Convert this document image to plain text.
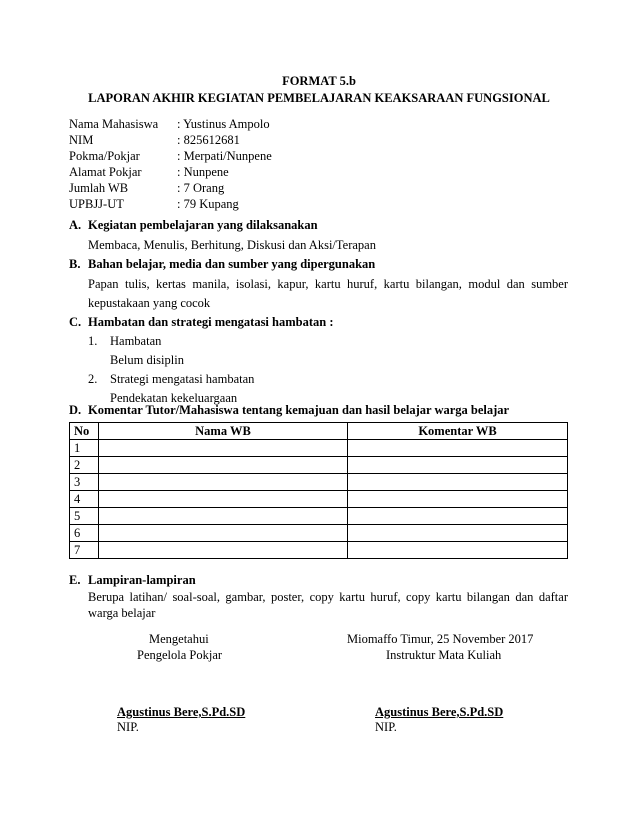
FORMAT 5.b
LAPORAN AKHIR KEGIATAN PEMBELAJARAN KEAKSARAAN FUNGSIONAL
Nama Mahasiswa	: Yustinus Ampolo
NIM	: 825612681
Pokma/Pokjar	: Merpati/Nunpene
Alamat Pokjar	: Nunpene
Jumlah WB	: 7 Orang
UPBJJ-UT	: 79 Kupang
A. Kegiatan pembelajaran yang dilaksanakan
Membaca, Menulis, Berhitung, Diskusi dan Aksi/Terapan
B. Bahan belajar, media dan sumber yang dipergunakan
Papan tulis, kertas manila, isolasi, kapur, kartu huruf, kartu bilangan, modul dan sumber
kepustakaan yang cocok
C. Hambatan dan strategi mengatasi hambatan :
1. Hambatan
Belum disiplin
2. Strategi mengatasi hambatan
Pendekatan kekeluargaan
D. Komentar Tutor/Mahasiswa tentang kemajuan dan hasil belajar warga belajar
No	Nama WB	Komentar WB
1		
2		
3		
4		
5		
6		
7		
E. Lampiran-lampiran
Berupa latihan/ soal-soal, gambar, poster, copy kartu huruf, copy kartu bilangan dan daftar
warga belajar
Mengetahui
Pengelola Pokjar
Miomaffo Timur, 25 November 2017
Instruktur Mata Kuliah
Agustinus Bere,S.Pd.SD
NIP.
Agustinus Bere,S.Pd.SD
NIP.
